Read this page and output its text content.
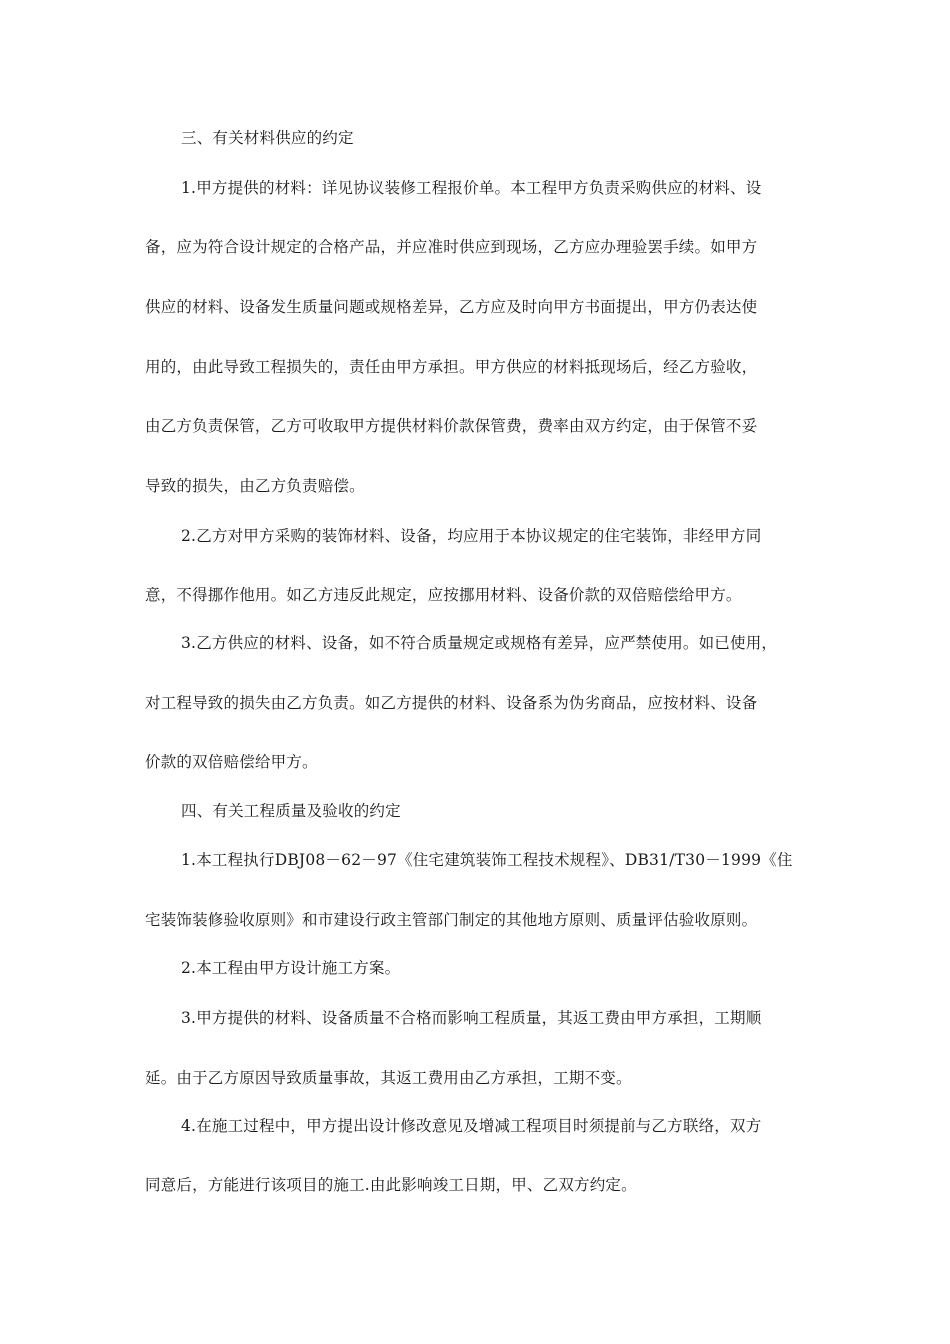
三、有关材料供应的约定
1.甲方提供的材料：详见协议装修工程报价单。本工程甲方负责采购供应的材料、设
备，应为符合设计规定的合格产品，并应准时供应到现场，乙方应办理验罢手续。如甲方
供应的材料、设备发生质量问题或规格差异，乙方应及时向甲方书面提出，甲方仍表达使
用的，由此导致工程损失的，责任由甲方承担。甲方供应的材料抵现场后，经乙方验收，
由乙方负责保管，乙方可收取甲方提供材料价款保管费，费率由双方约定，由于保管不妥
导致的损失，由乙方负责赔偿。
2.乙方对甲方采购的装饰材料、设备，均应用于本协议规定的住宅装饰，非经甲方同
意，不得挪作他用。如乙方违反此规定，应按挪用材料、设备价款的双倍赔偿给甲方。
3.乙方供应的材料、设备，如不符合质量规定或规格有差异，应严禁使用。如已使用，
对工程导致的损失由乙方负责。如乙方提供的材料、设备系为伪劣商品，应按材料、设备
价款的双倍赔偿给甲方。
四、有关工程质量及验收的约定
1.本工程执行DBJ08－62－97《住宅建筑装饰工程技术规程》、DB31/T30－1999《住
宅装饰装修验收原则》和市建设行政主管部门制定的其他地方原则、质量评估验收原则。
2.本工程由甲方设计施工方案。
3.甲方提供的材料、设备质量不合格而影响工程质量，其返工费由甲方承担，工期顺
延。由于乙方原因导致质量事故，其返工费用由乙方承担，工期不变。
4.在施工过程中，甲方提出设计修改意见及增减工程项目时须提前与乙方联络，双方
同意后，方能进行该项目的施工.由此影响竣工日期，甲、乙双方约定。
